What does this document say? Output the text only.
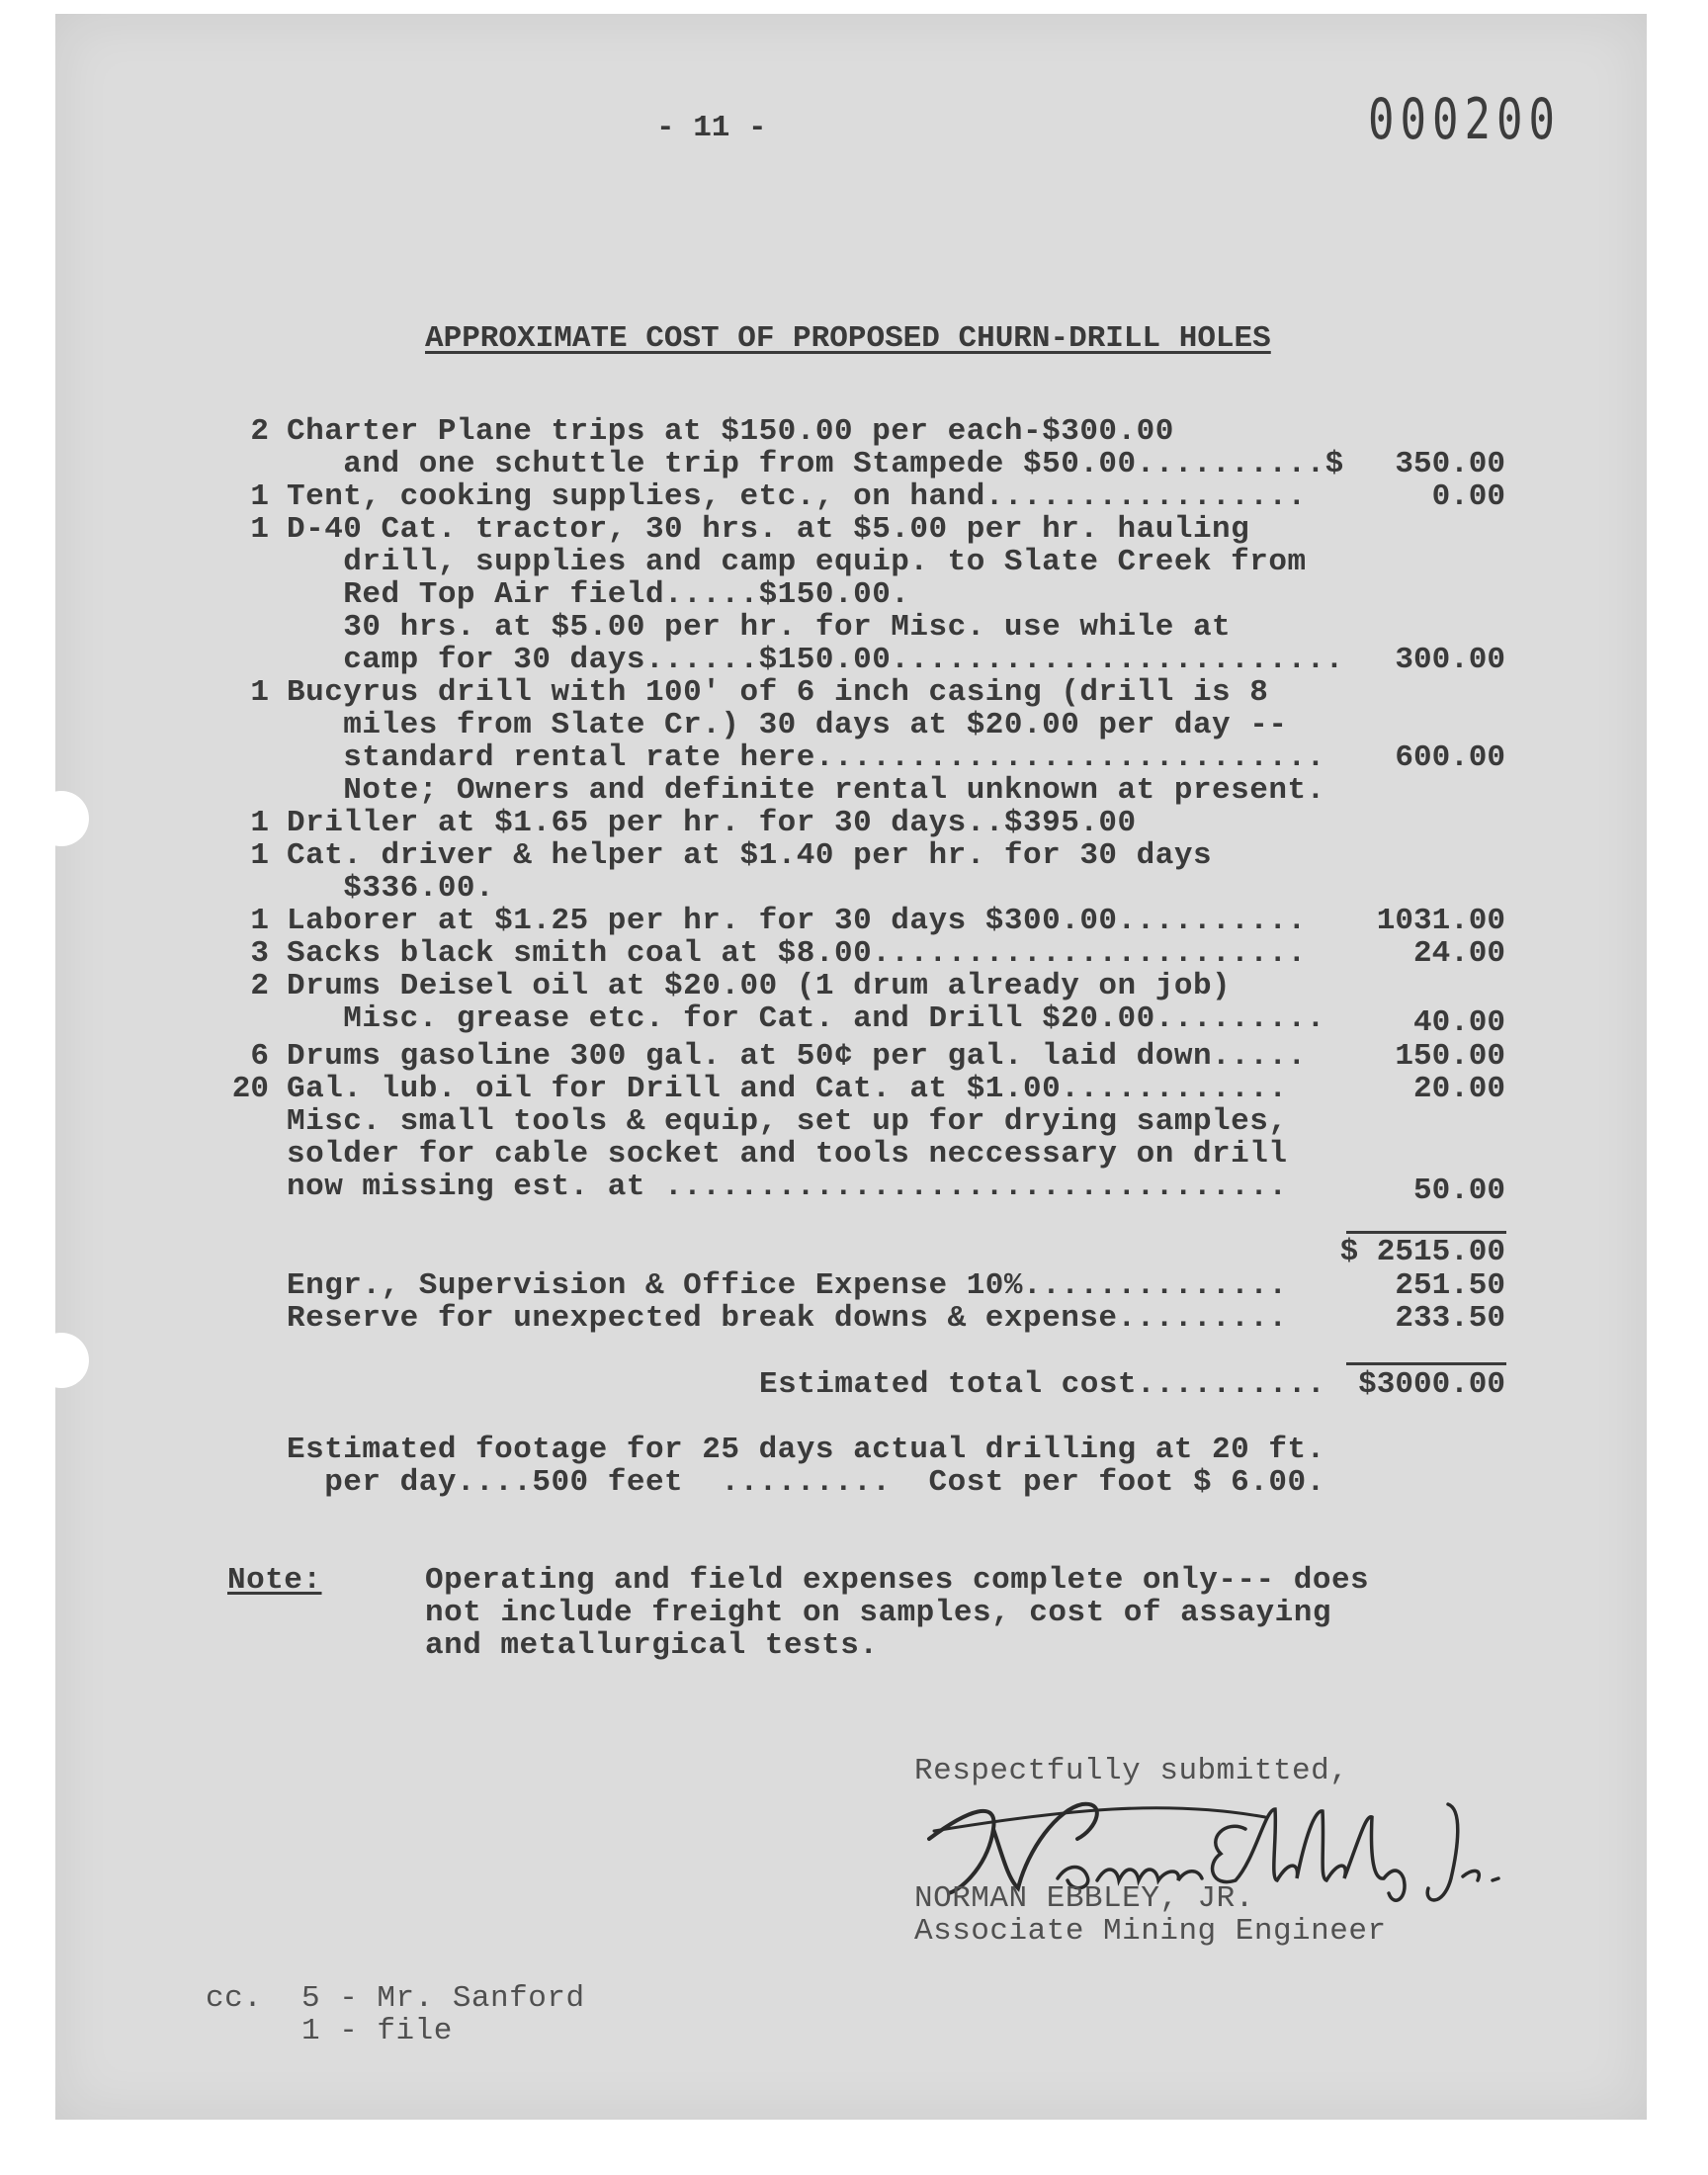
- 11 -	000200
APPROXIMATE COST OF PROPOSED CHURN-DRILL HOLES
2 Charter Plane trips at $150.00 per each-$300.00
and one schuttle trip from Stampede $50.00..........$	350.00
1 Tent, cooking supplies, etc., on hand.................	0.00
1 D-40 Cat. tractor, 30 hrs. at $5.00 per hr. hauling
drill, supplies and camp equip. to Slate Creek from
Red Top Air field.....$150.00.
30 hrs. at $5.00 per hr. for Misc. use while at
camp for 30 days......$150.00........................	300.00
1 Bucyrus drill with 100' of 6 inch casing (drill is 8
miles from Slate Cr.) 30 days at $20.00 per day --
standard rental rate here...........................	600.00
Note; Owners and definite rental unknown at present.
1 Driller at $1.65 per hr. for 30 days..$395.00
1 Cat. driver & helper at $1.40 per hr. for 30 days
$336.00.
1 Laborer at $1.25 per hr. for 30 days $300.00..........	1031.00
3 Sacks black smith coal at $8.00.......................	24.00
2 Drums Deisel oil at $20.00 (1 drum already on job)
Misc. grease etc. for Cat. and Drill $20.00.........	40.00
6 Drums gasoline 300 gal. at 50¢ per gal. laid down.....	150.00
20 Gal. lub. oil for Drill and Cat. at $1.00............	20.00
Misc. small tools & equip, set up for drying samples,
solder for cable socket and tools neccessary on drill
now missing est. at .................................	50.00
$ 2515.00
Engr., Supervision & Office Expense 10%..............	251.50
Reserve for unexpected break downs & expense.........	233.50
Estimated total cost..........	$3000.00
Estimated footage for 25 days actual drilling at 20 ft.
per day....500 feet  .........  Cost per foot $ 6.00.
Note:	Operating and field expenses complete only--- does
not include freight on samples, cost of assaying
and metallurgical tests.
Respectfully submitted,
NORMAN EBBLEY, JR.
Associate Mining Engineer
cc. 5 - Mr. Sanford
1 - file
